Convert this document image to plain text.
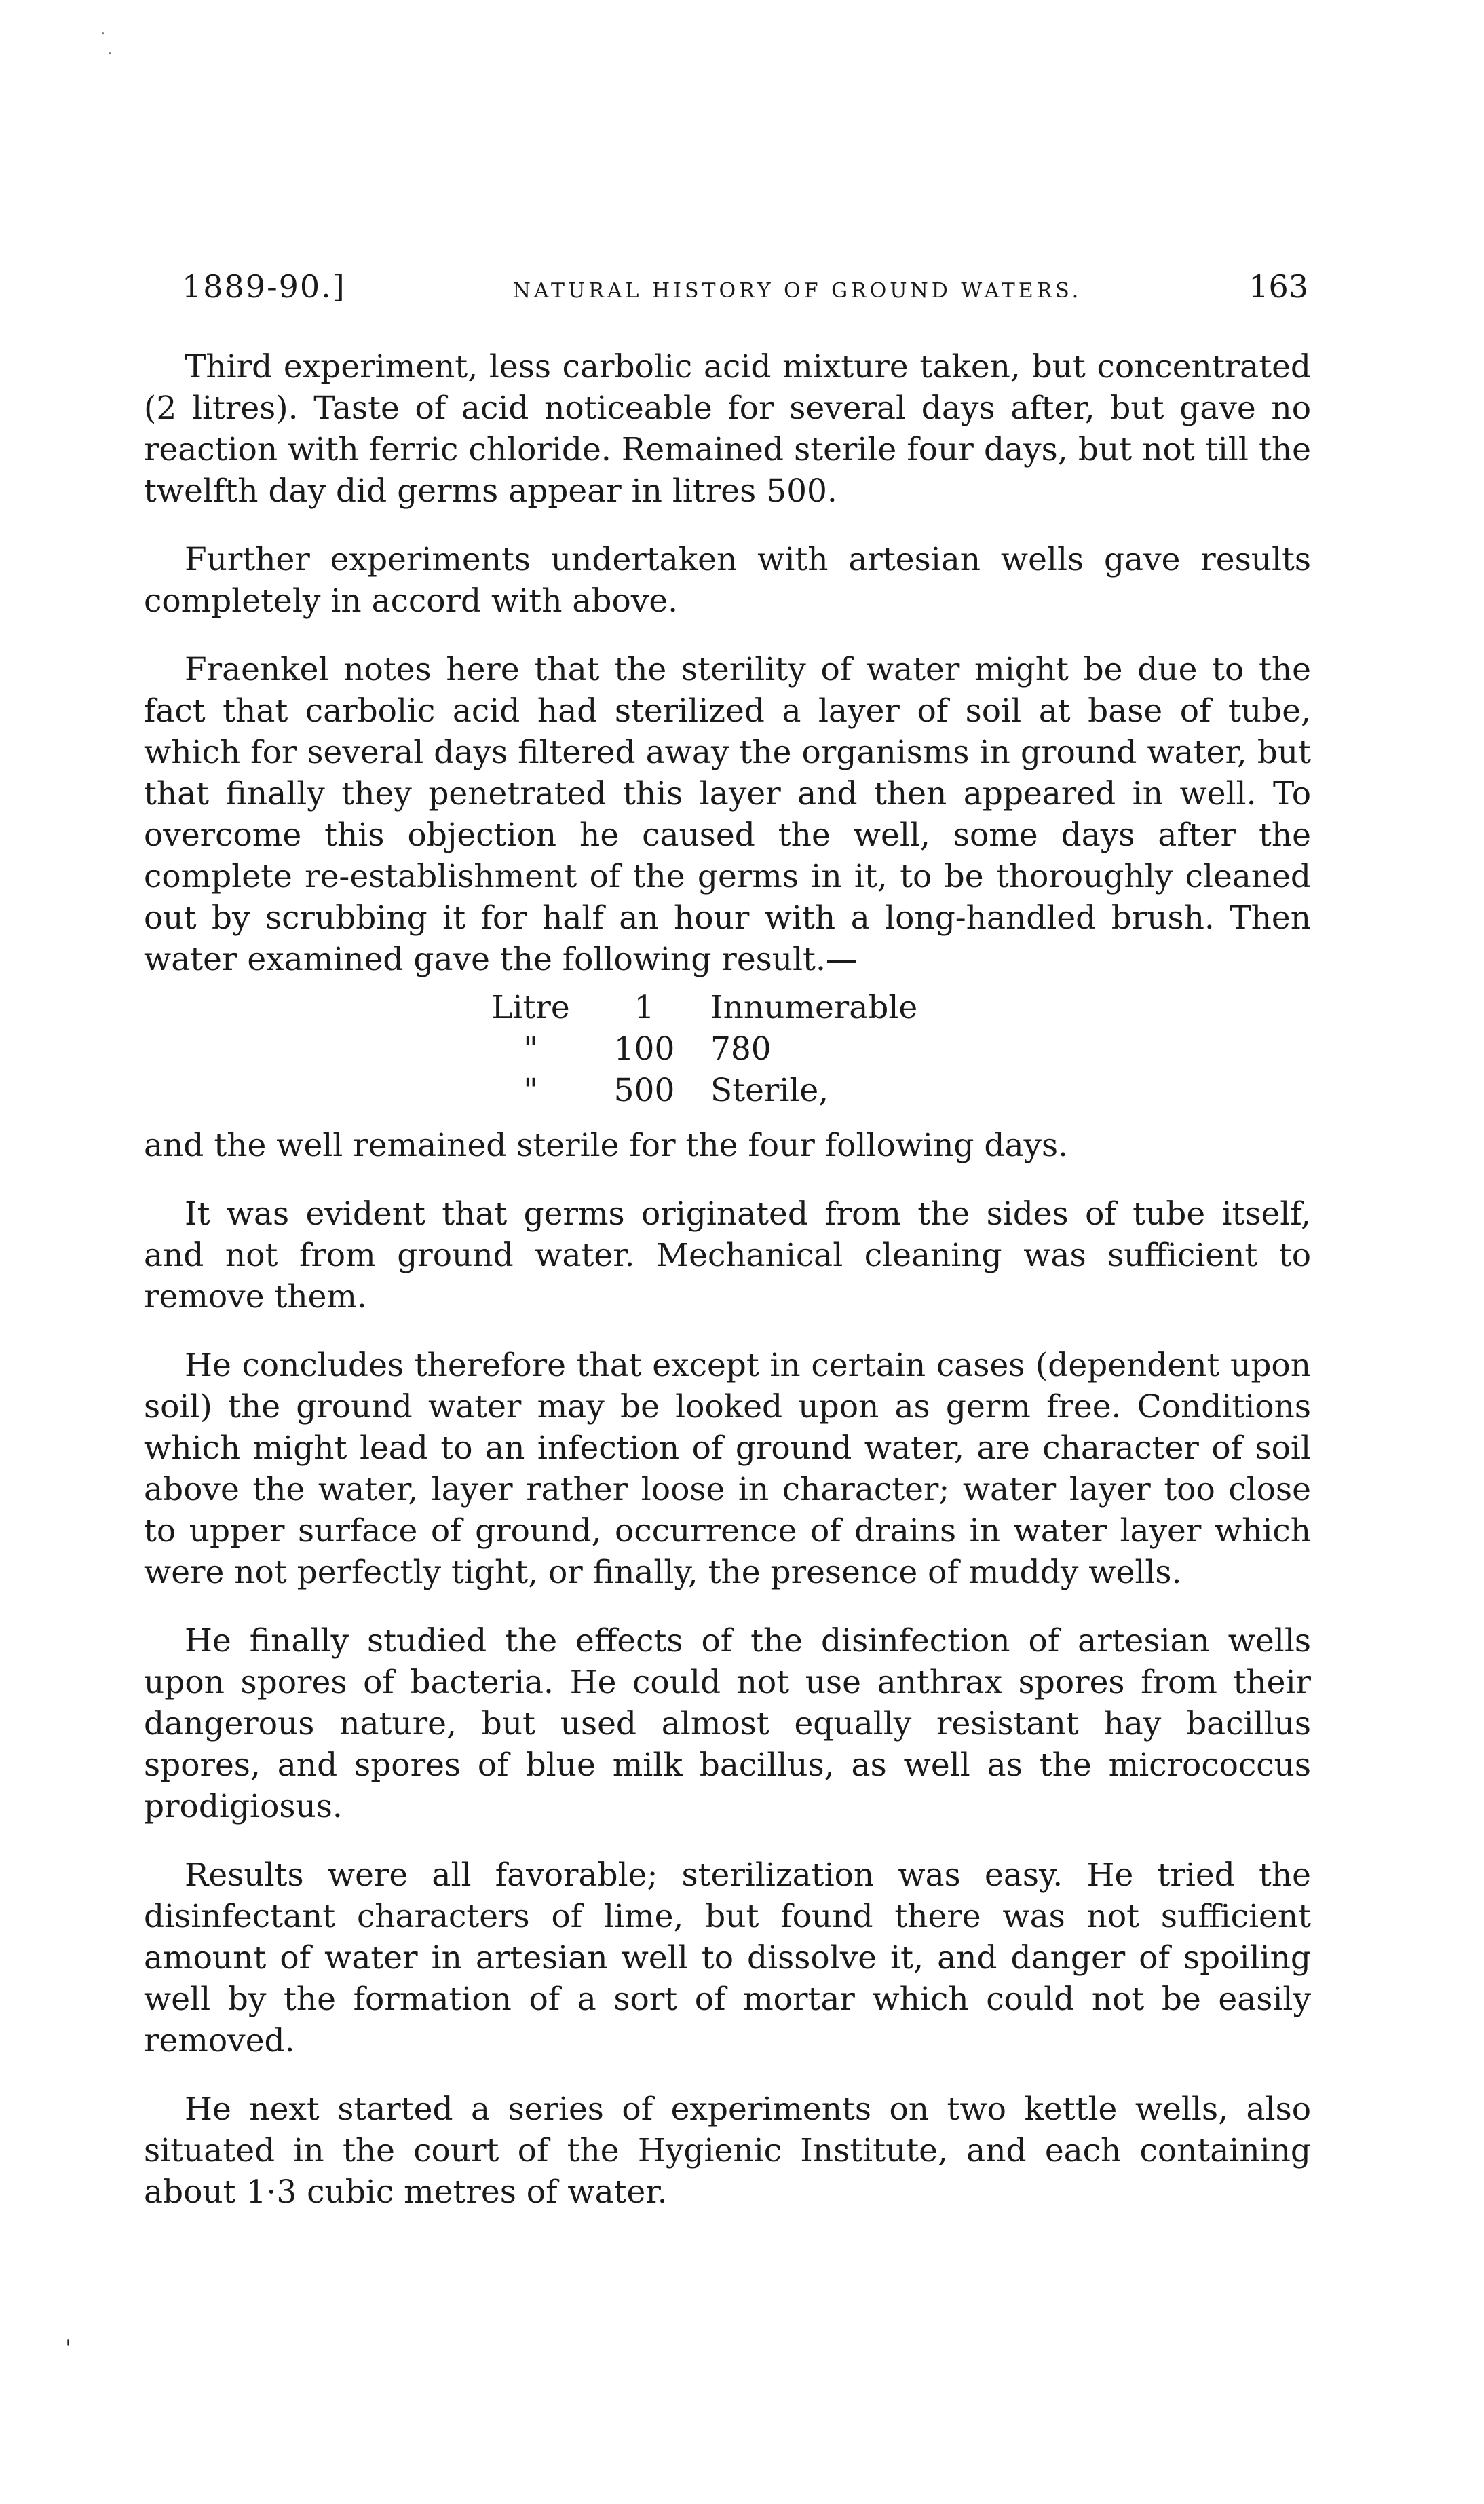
.
.
1889-90.]	NATURAL HISTORY OF GROUND WATERS.	163

Third experiment, less carbolic acid mixture taken, but concentrated (2 litres). Taste of acid noticeable for several days after, but gave no reaction with ferric chloride. Remained sterile four days, but not till the twelfth day did germs appear in litres 500.

Further experiments undertaken with artesian wells gave results completely in accord with above.

Fraenkel notes here that the sterility of water might be due to the fact that carbolic acid had sterilized a layer of soil at base of tube, which for several days filtered away the organisms in ground water, but that finally they penetrated this layer and then appeared in well. To overcome this objection he caused the well, some days after the complete re-establishment of the germs in it, to be thoroughly cleaned out by scrubbing it for half an hour with a long-handled brush. Then water examined gave the following result.—

Litre	1	Innumerable
"	100	780
"	500	Sterile,

and the well remained sterile for the four following days.

It was evident that germs originated from the sides of tube itself, and not from ground water. Mechanical cleaning was sufficient to remove them.

He concludes therefore that except in certain cases (dependent upon soil) the ground water may be looked upon as germ free. Conditions which might lead to an infection of ground water, are character of soil above the water, layer rather loose in character; water layer too close to upper surface of ground, occurrence of drains in water layer which were not perfectly tight, or finally, the presence of muddy wells.

He finally studied the effects of the disinfection of artesian wells upon spores of bacteria. He could not use anthrax spores from their dangerous nature, but used almost equally resistant hay bacillus spores, and spores of blue milk bacillus, as well as the micrococcus prodigiosus.

Results were all favorable; sterilization was easy. He tried the disinfectant characters of lime, but found there was not sufficient amount of water in artesian well to dissolve it, and danger of spoiling well by the formation of a sort of mortar which could not be easily removed.

He next started a series of experiments on two kettle wells, also situated in the court of the Hygienic Institute, and each containing about 1·3 cubic metres of water.

'
